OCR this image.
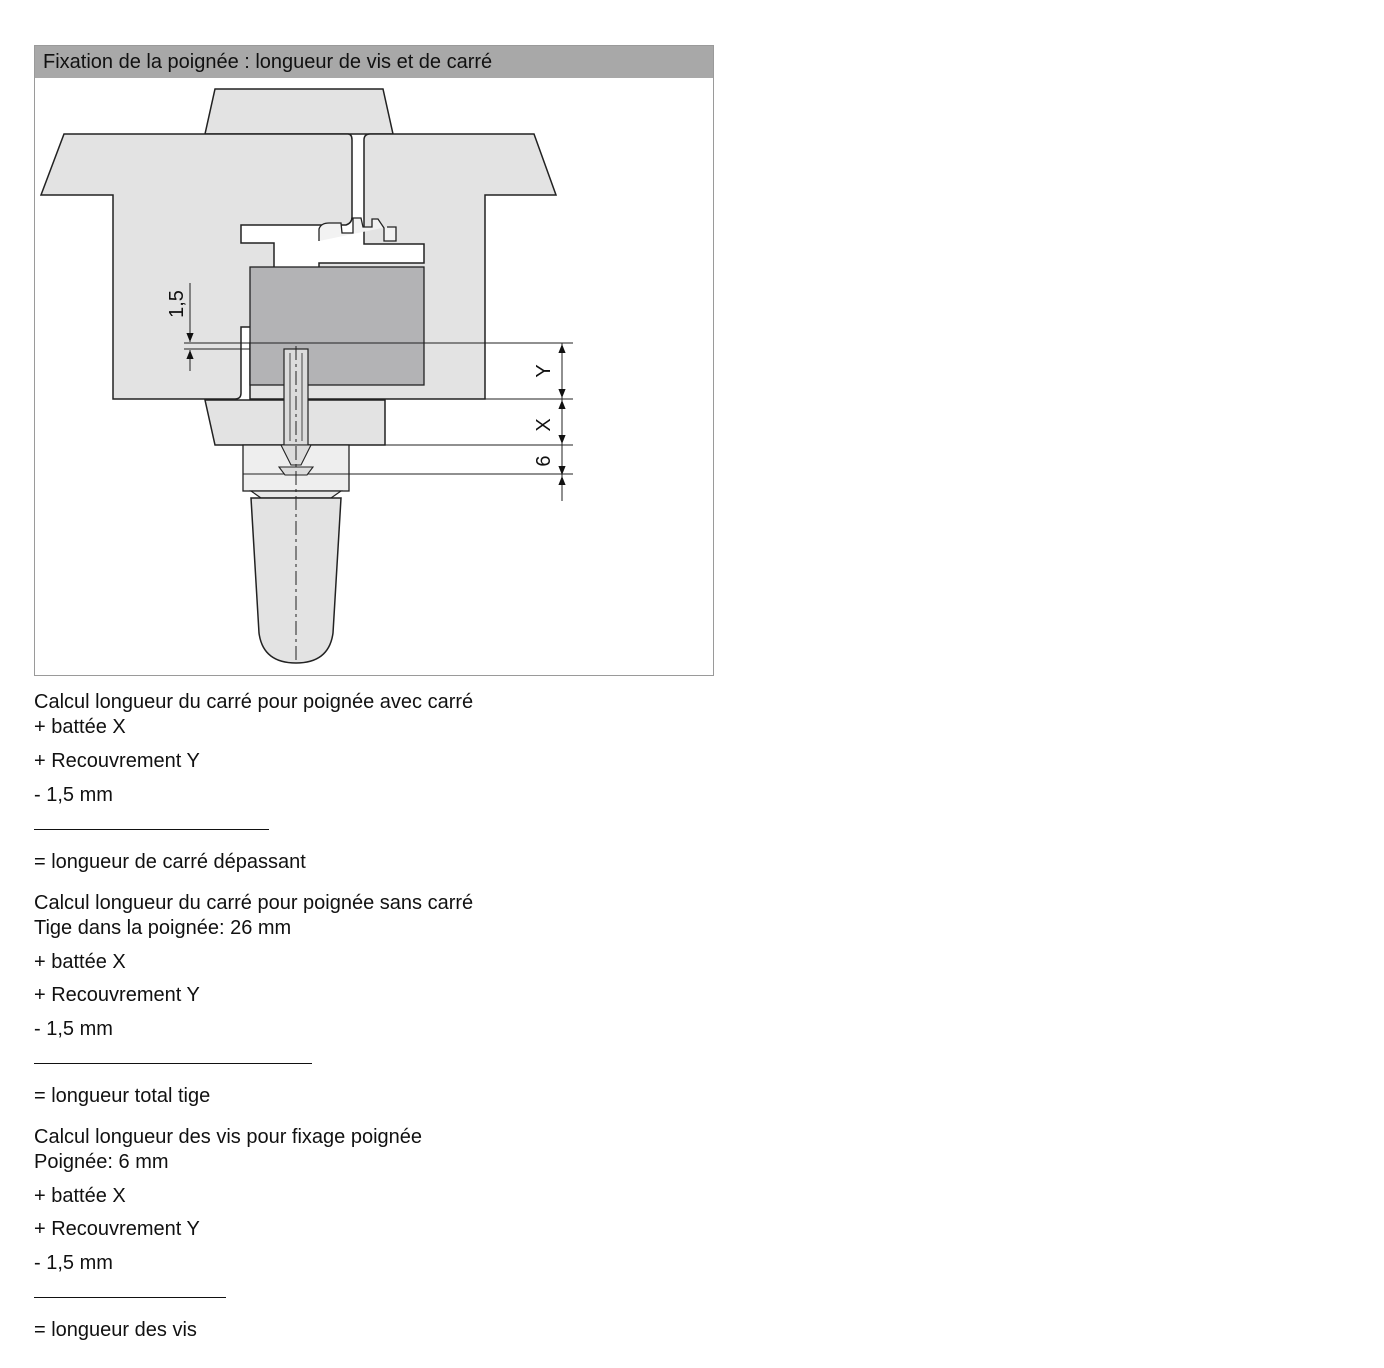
Fixation de la poignée : longueur de vis et de carré
1,5
Y
X
6
Calcul longueur du carré pour poignée avec carré
+ battée X
+ Recouvrement Y
- 1,5 mm
= longueur de carré dépassant
Calcul longueur du carré pour poignée sans carré
Tige dans la poignée: 26 mm
+ battée X
+ Recouvrement Y
- 1,5 mm
= longueur total tige
Calcul longueur des vis pour fixage poignée
Poignée: 6 mm
+ battée X
+ Recouvrement Y
- 1,5 mm
= longueur des vis
